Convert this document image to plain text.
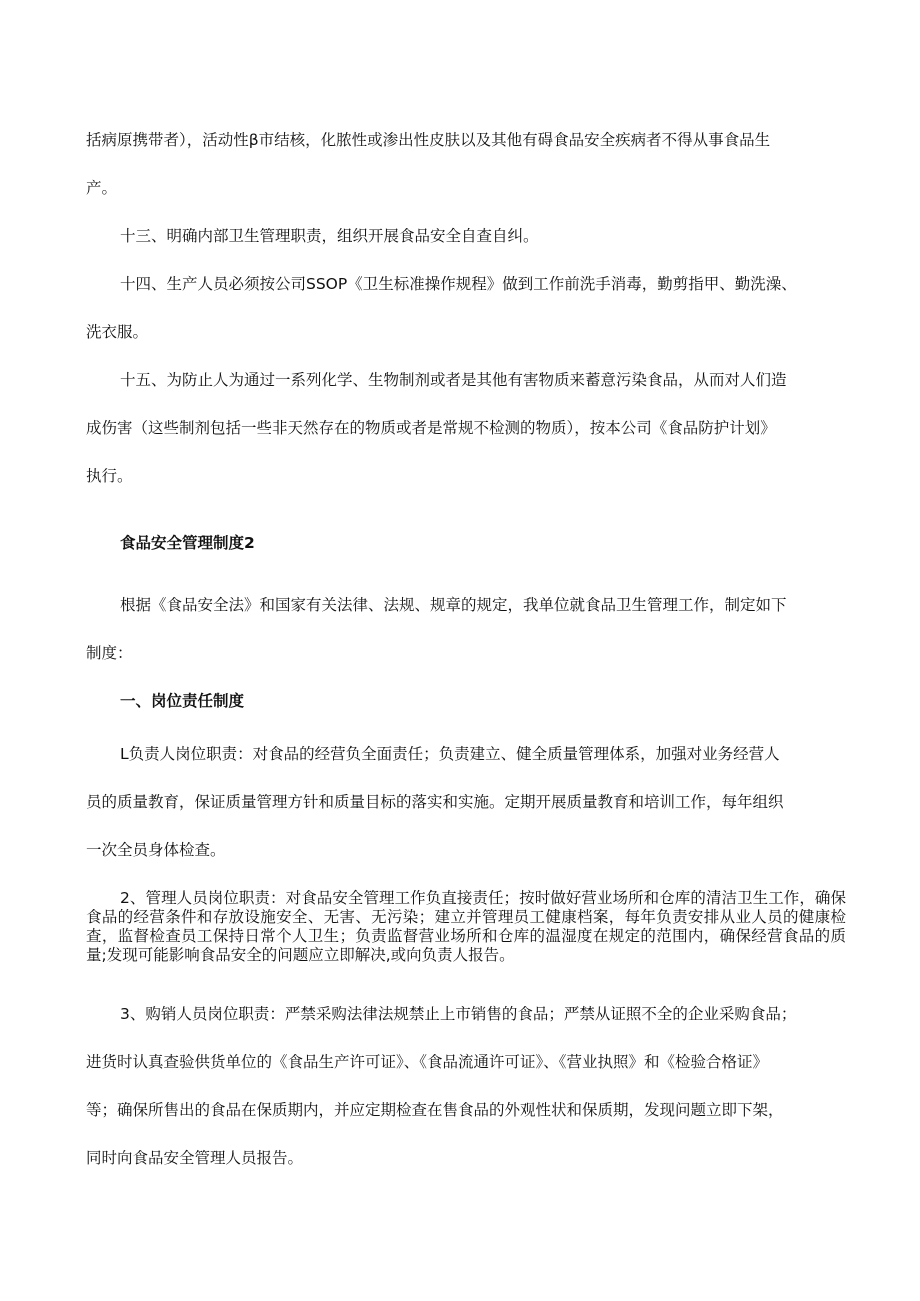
括病原携带者），活动性β市结核，化脓性或渗出性皮肤以及其他有碍食品安全疾病者不得从事食品生
产。
十三、明确内部卫生管理职责，组织开展食品安全自查自纠。
十四、生产人员必须按公司SSOP《卫生标准操作规程》做到工作前洗手消毒，勤剪指甲、勤洗澡、
洗衣服。
十五、为防止人为通过一系列化学、生物制剂或者是其他有害物质来蓄意污染食品，从而对人们造
成伤害（这些制剂包括一些非天然存在的物质或者是常规不检测的物质），按本公司《食品防护计划》
执行。
食品安全管理制度2
根据《食品安全法》和国家有关法律、法规、规章的规定，我单位就食品卫生管理工作，制定如下
制度：
一、岗位责任制度
L负责人岗位职责：对食品的经营负全面责任；负责建立、健全质量管理体系，加强对业务经营人
员的质量教育，保证质量管理方针和质量目标的落实和实施。定期开展质量教育和培训工作，每年组织
一次全员身体检查。
2、管理人员岗位职责：对食品安全管理工作负直接责任；按时做好营业场所和仓库的清洁卫生工作，确保食品的经营条件和存放设施安全、无害、无污染；建立并管理员工健康档案，每年负责安排从业人员的健康检查，监督检查员工保持日常个人卫生；负责监督营业场所和仓库的温湿度在规定的范围内，确保经营食品的质量;发现可能影响食品安全的问题应立即解决,或向负责人报告。
3、购销人员岗位职责：严禁采购法律法规禁止上市销售的食品；严禁从证照不全的企业采购食品；
进货时认真查验供货单位的《食品生产许可证》、《食品流通许可证》、《营业执照》和《检验合格证》
等；确保所售出的食品在保质期内，并应定期检查在售食品的外观性状和保质期，发现问题立即下架，
同时向食品安全管理人员报告。
